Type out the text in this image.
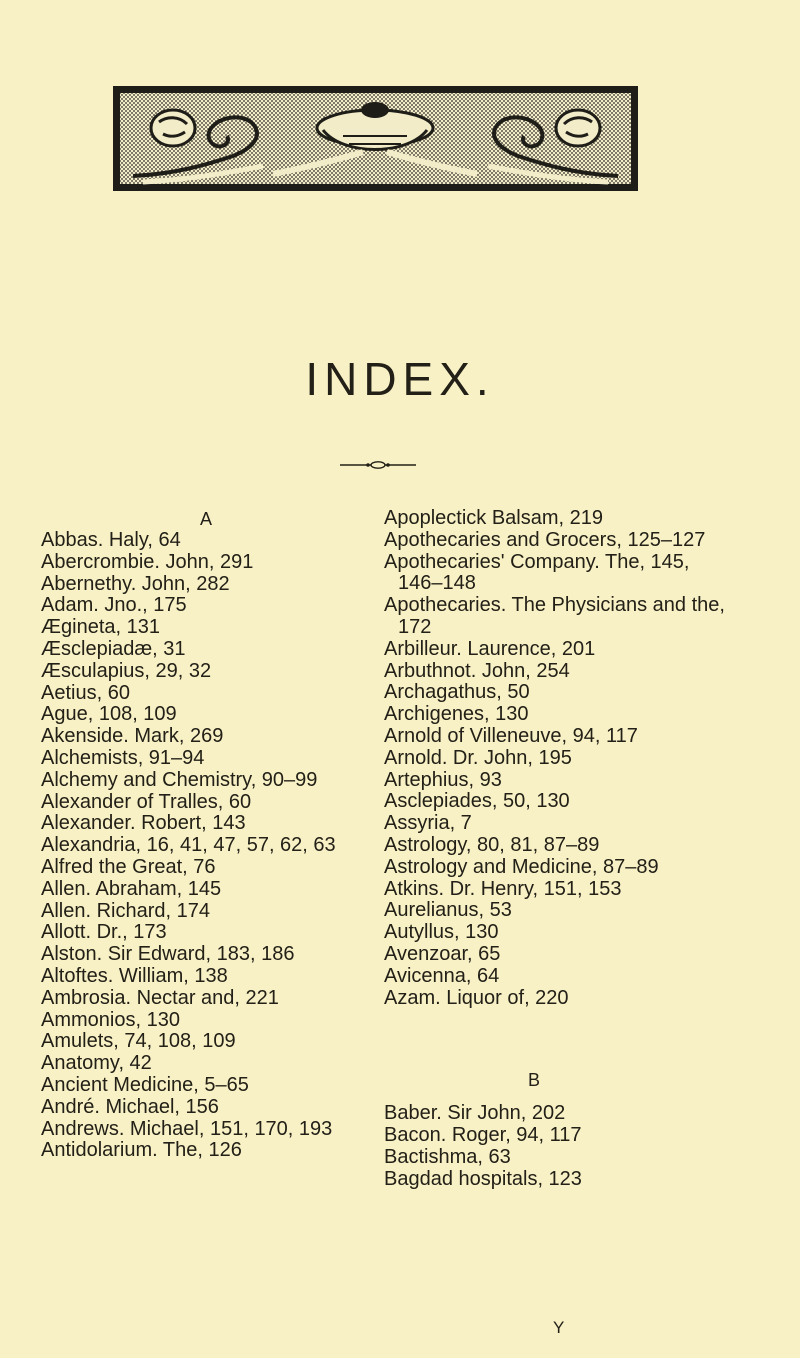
INDEX.
A
Abbas. Haly, 64
Abercrombie. John, 291
Abernethy. John, 282
Adam. Jno., 175
Ægineta, 131
Æsclepiadæ, 31
Æsculapius, 29, 32
Aetius, 60
Ague, 108, 109
Akenside. Mark, 269
Alchemists, 91–94
Alchemy and Chemistry, 90–99
Alexander of Tralles, 60
Alexander. Robert, 143
Alexandria, 16, 41, 47, 57, 62, 63
Alfred the Great, 76
Allen. Abraham, 145
Allen. Richard, 174
Allott. Dr., 173
Alston. Sir Edward, 183, 186
Altoftes. William, 138
Ambrosia. Nectar and, 221
Ammonios, 130
Amulets, 74, 108, 109
Anatomy, 42
Ancient Medicine, 5–65
André. Michael, 156
Andrews. Michael, 151, 170, 193
Antidolarium. The, 126
Apoplectick Balsam, 219
Apothecaries and Grocers, 125–127
Apothecaries' Company. The, 145, 146–148
Apothecaries. The Physicians and the, 172
Arbilleur. Laurence, 201
Arbuthnot. John, 254
Archagathus, 50
Archigenes, 130
Arnold of Villeneuve, 94, 117
Arnold. Dr. John, 195
Artephius, 93
Asclepiades, 50, 130
Assyria, 7
Astrology, 80, 81, 87–89
Astrology and Medicine, 87–89
Atkins. Dr. Henry, 151, 153
Aurelianus, 53
Autyllus, 130
Avenzoar, 65
Avicenna, 64
Azam. Liquor of, 220
B
Baber. Sir John, 202
Bacon. Roger, 94, 117
Bactishma, 63
Bagdad hospitals, 123
Y
